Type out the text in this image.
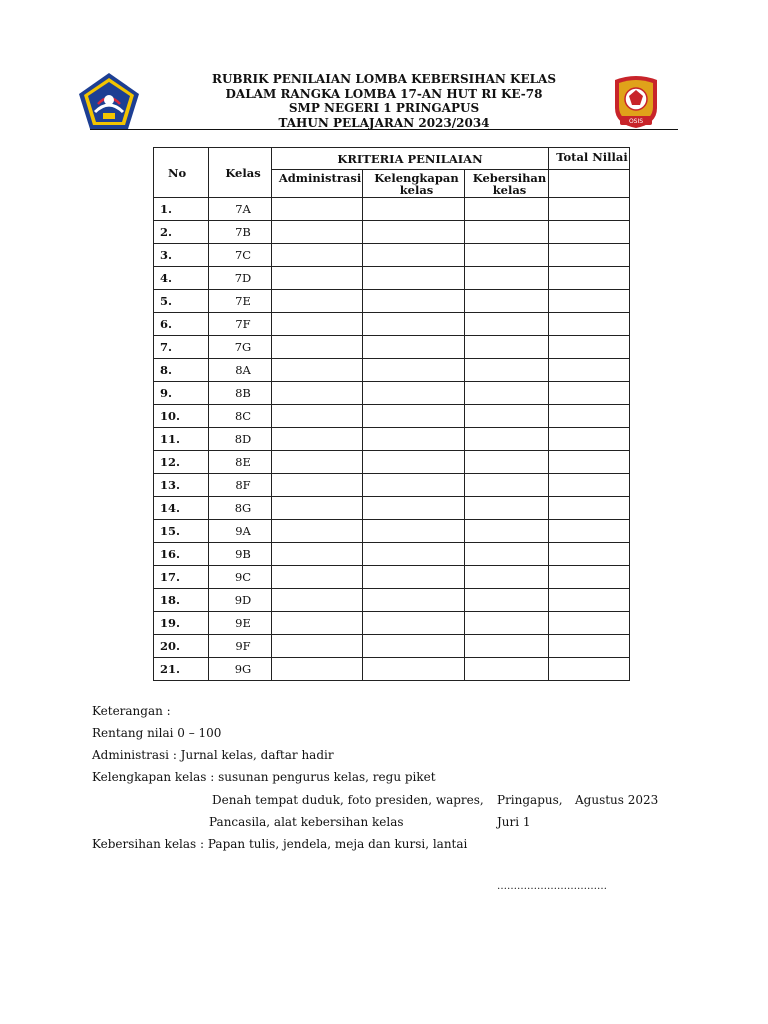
RUBRIK PENILAIAN LOMBA KEBERSIHAN KELAS
DALAM RANGKA LOMBA 17-AN HUT RI KE-78
SMP NEGERI 1 PRINGAPUS
TAHUN PELAJARAN 2023/2034	OSIS
No	Kelas	KRITERIA PENILAIAN			Total Nillai
		Administrasi	Kelengkapan kelas	Kebersihan kelas	
1.	7A				
2.	7B				
3.	7C				
4.	7D				
5.	7E				
6.	7F				
7.	7G				
8.	8A				
9.	8B				
10.	8C				
11.	8D				
12.	8E				
13.	8F				
14.	8G				
15.	9A				
16.	9B				
17.	9C				
18.	9D				
19.	9E				
20.	9F				
21.	9G				
Keterangan :
Rentang nilai 0 – 100
Administrasi : Jurnal kelas, daftar hadir
Kelengkapan kelas : susunan pengurus kelas, regu piket
Denah tempat duduk, foto presiden, wapres,
Pancasila, alat kebersihan kelas
Kebersihan kelas : Papan tulis, jendela, meja dan kursi, lantai
Pringapus, Agustus 2023
Juri 1
……………………………
